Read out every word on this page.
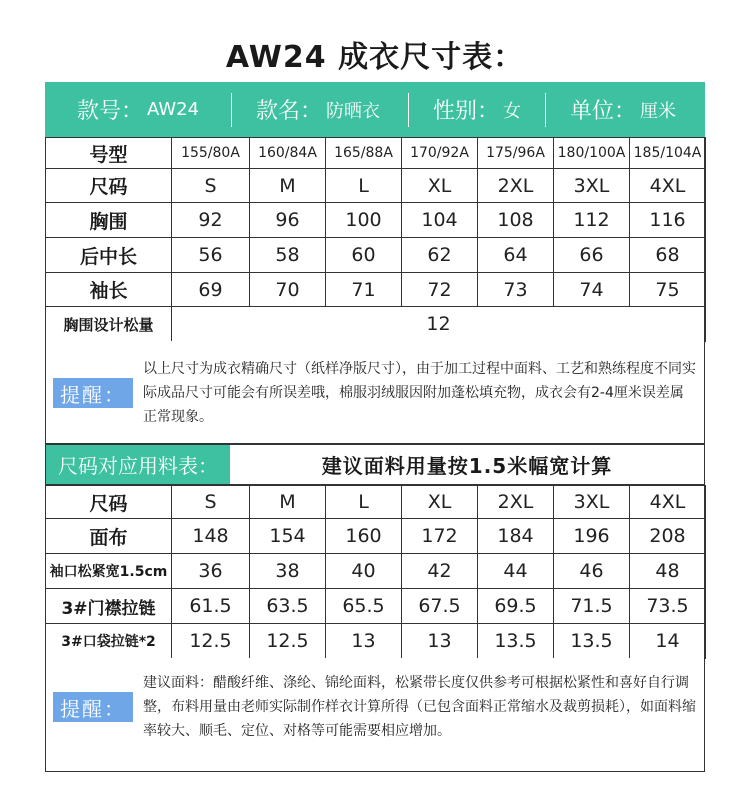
AW24 成衣尺寸表：
款号： AW24	款名： 防晒衣 性别： 女 单位： 厘米
号型	155/80A	160/84A	165/88A	170/92A	175/96A	180/100A	185/104A
尺码	S	M	L	XL	2XL	3XL	4XL
胸围	92	96	100	104	108	112	116
后中长	56	58	60	62	64	66	68
袖长	69	70	71	72	73	74	75
胸围设计松量	12						
提醒：
以上尺寸为成衣精确尺寸（纸样净版尺寸），由于加工过程中面料、工艺和熟练程度不同实际成品尺寸可能会有所误差哦，棉服羽绒服因附加蓬松填充物，成衣会有2-4厘米误差属正常现象。
尺码对应用料表：	建议面料用量按1.5米幅宽计算
尺码	S	M	L	XL	2XL	3XL	4XL
面布	148	154	160	172	184	196	208
袖口松紧宽1.5cm	36	38	40	42	44	46	48
3#门襟拉链	61.5	63.5	65.5	67.5	69.5	71.5	73.5
3#口袋拉链*2	12.5	12.5	13	13	13.5	13.5	14
提醒：
建议面料：醋酸纤维、涤纶、锦纶面料，松紧带长度仅供参考可根据松紧性和喜好自行调整，布料用量由老师实际制作样衣计算所得（已包含面料正常缩水及裁剪损耗），如面料缩率较大、顺毛、定位、对格等可能需要相应增加。
